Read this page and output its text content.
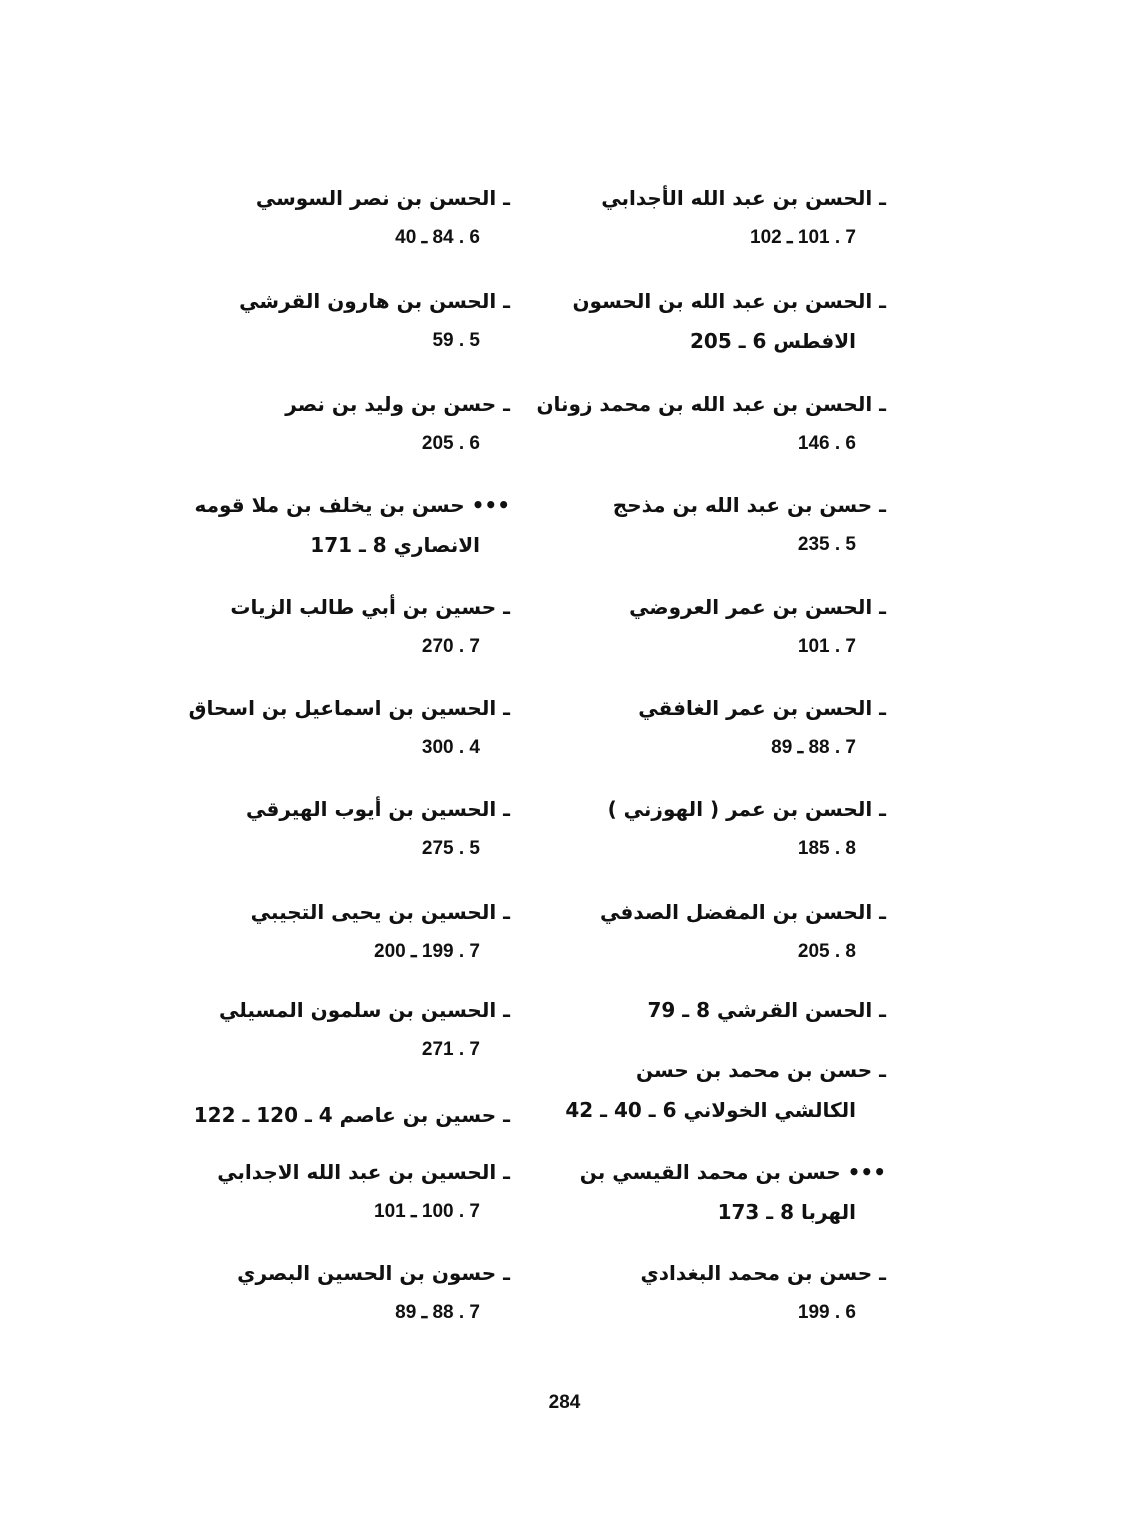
ـ الحسن بن عبد الله الأجدابي
7 . 101 ـ 102
ـ الحسن بن عبد الله بن الحسون
الافطس 6 ـ 205
ـ الحسن بن عبد الله بن محمد زونان
6 . 146
ـ حسن بن عبد الله بن مذحج
5 . 235
ـ الحسن بن عمر العروضي
7 . 101
ـ الحسن بن عمر الغافقي
7 . 88 ـ 89
ـ الحسن بن عمر ( الهوزني )
8 . 185
ـ الحسن بن المفضل الصدفي
8 . 205
ـ الحسن القرشي 8 ـ 79
ـ حسن بن محمد بن حسن
الكالشي الخولاني 6 ـ 40 ـ 42
••• حسن بن محمد القيسي بن
الهربا 8 ـ 173
ـ حسن بن محمد البغدادي
6 . 199
ـ الحسن بن نصر السوسي
6 . 84 ـ 40
ـ الحسن بن هارون القرشي
5 . 59
ـ حسن بن وليد بن نصر
6 . 205
••• حسن بن يخلف بن ملا قومه
الانصاري 8 ـ 171
ـ حسين بن أبي طالب الزيات
7 . 270
ـ الحسين بن اسماعيل بن اسحاق
4 . 300
ـ الحسين بن أيوب الهيرقي
5 . 275
ـ الحسين بن يحيى التجيبي
7 . 199 ـ 200
ـ الحسين بن سلمون المسيلي
7 . 271
ـ حسين بن عاصم 4 ـ 120 ـ 122
ـ الحسين بن عبد الله الاجدابي
7 . 100 ـ 101
ـ حسون بن الحسين البصري
7 . 88 ـ 89
284
